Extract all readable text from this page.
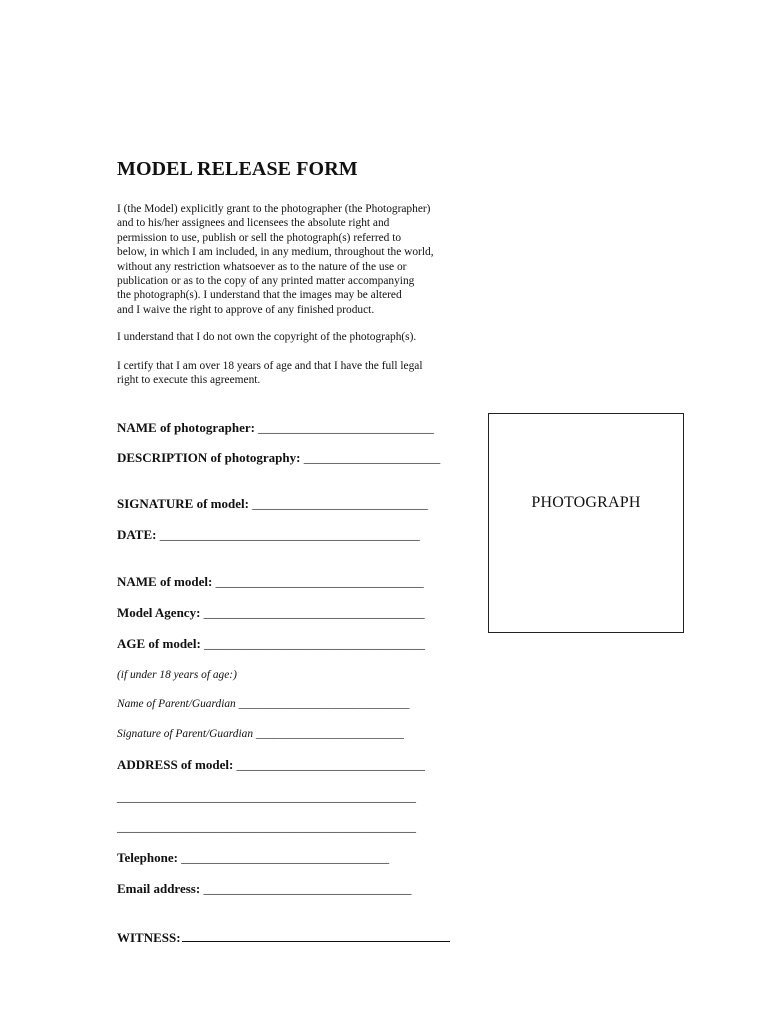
MODEL RELEASE FORM
I (the Model) explicitly grant to the photographer (the Photographer)
and to his/her assignees and licensees the absolute right and
permission to use, publish or sell the photograph(s) referred to
below, in which I am included, in any medium, throughout the world,
without any restriction whatsoever as to the nature of the use or
publication or as to the copy of any printed matter accompanying
the photograph(s). I understand that the images may be altered
and I waive the right to approve of any finished product.
I understand that I do not own the copyright of the photograph(s).
I certify that I am over 18 years of age and that I have the full legal
right to execute this agreement.
NAME of photographer: ___________________________
DESCRIPTION of photography: _____________________
SIGNATURE of model: ___________________________
DATE: ________________________________________
NAME of model: ________________________________
Model Agency: __________________________________
AGE of model: __________________________________
(if under 18 years of age:)
Name of Parent/Guardian ______________________________
Signature of Parent/Guardian __________________________
ADDRESS of model: _____________________________
______________________________________________
______________________________________________
Telephone: ________________________________
Email address: ________________________________
WITNESS:
PHOTOGRAPH
